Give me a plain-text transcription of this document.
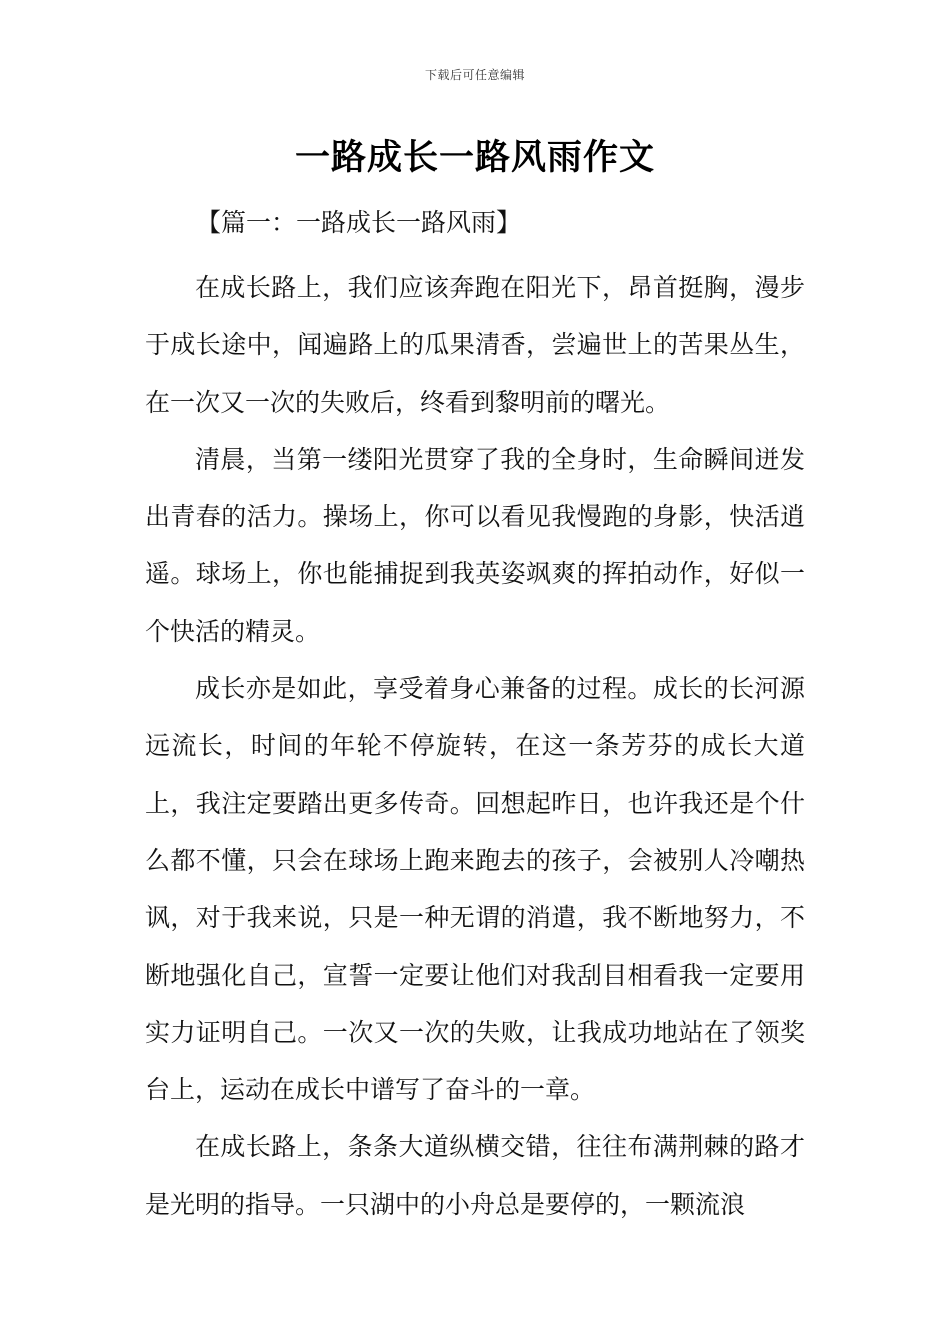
下载后可任意编辑
一路成长一路风雨作文
【篇一：一路成长一路风雨】

在成长路上，我们应该奔跑在阳光下，昂首挺胸，漫步于成长途中，闻遍路上的瓜果清香，尝遍世上的苦果丛生，在一次又一次的失败后，终看到黎明前的曙光。

清晨，当第一缕阳光贯穿了我的全身时，生命瞬间迸发出青春的活力。操场上，你可以看见我慢跑的身影，快活逍遥。球场上，你也能捕捉到我英姿飒爽的挥拍动作，好似一个快活的精灵。

成长亦是如此，享受着身心兼备的过程。成长的长河源远流长，时间的年轮不停旋转，在这一条芳芬的成长大道上，我注定要踏出更多传奇。回想起昨日，也许我还是个什么都不懂，只会在球场上跑来跑去的孩子，会被别人冷嘲热讽，对于我来说，只是一种无谓的消遣，我不断地努力，不断地强化自己，宣誓一定要让他们对我刮目相看我一定要用实力证明自己。一次又一次的失败，让我成功地站在了领奖台上，运动在成长中谱写了奋斗的一章。

在成长路上，条条大道纵横交错，往往布满荆棘的路才是光明的指导。一只湖中的小舟总是要停的，一颗流浪
